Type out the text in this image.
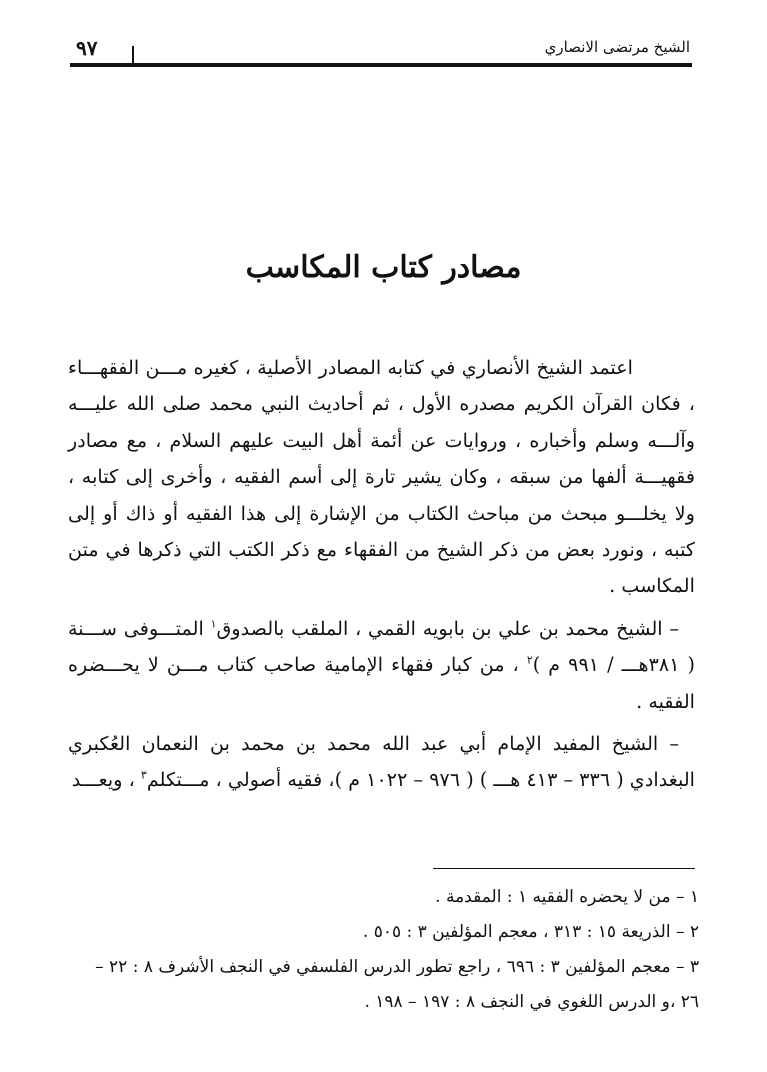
الشيخ مرتضى الانصاري
٩٧
مصادر كتاب المكاسب

اعتمد الشيخ الأنصاري في كتابه المصادر الأصلية ، كغيره مـــن الفقهـــاء ، فكان القرآن الكريم مصدره الأول ، ثم أحاديث النبي محمد صلى الله عليـــه وآلـــه وسلم وأخباره ، وروايات عن أئمة أهل البيت عليهم السلام ، مع مصادر فقهيـــة ألفها من سبقه ، وكان يشير تارة إلى أسم الفقيه ، وأخرى إلى كتابه ، ولا يخلـــو مبحث من مباحث الكتاب من الإشارة إلى هذا الفقيه أو ذاك أو إلى كتبه ، ونورد بعض من ذكر الشيخ من الفقهاء مع ذكر الكتب التي ذكرها في متن المكاسب .

– الشيخ محمد بن علي بن بابويه القمي ، الملقب بالصدوق$^١$ المتـــوفى ســـنة ( ٣٨١هـــ / ٩٩١ م )$^٢$ ، من كبار فقهاء الإمامية صاحب كتاب مـــن لا يحـــضره الفقيه .

– الشيخ المفيد الإمام أبي عبد الله محمد بن محمد بن النعمان العُكبري البغدادي ( ٣٣٦ – ٤١٣ هـــ ) ( ٩٧٦ – ١٠٢٢ م )، فقيه أصولي ، مـــتكلم$^٣$ ، ويعـــد

١ – من لا يحضره الفقيه ١ : المقدمة .

٢ – الذريعة ١٥ : ٣١٣ ، معجم المؤلفين ٣ : ٥٠٥ .

٣ – معجم المؤلفين ٣ : ٦٩٦ ، راجع تطور الدرس الفلسفي في النجف الأشرف ٨ : ٢٢ – ٢٦ ،و الدرس اللغوي في النجف ٨ : ١٩٧ – ١٩٨ .
